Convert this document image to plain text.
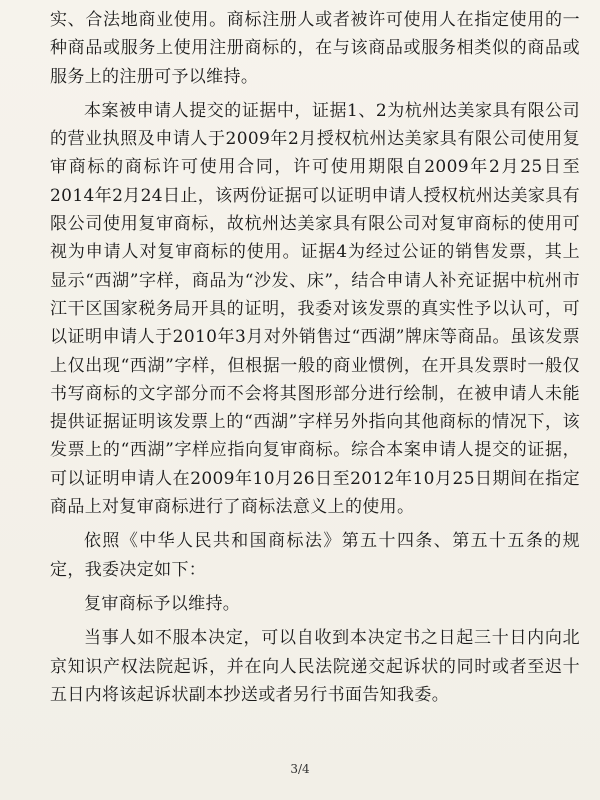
实、合法地商业使用。商标注册人或者被许可使用人在指定使用的一种商品或服务上使用注册商标的，在与该商品或服务相类似的商品或服务上的注册可予以维持。

本案被申请人提交的证据中，证据1、2为杭州达美家具有限公司的营业执照及申请人于2009年2月授权杭州达美家具有限公司使用复审商标的商标许可使用合同，许可使用期限自2009年2月25日至2014年2月24日止，该两份证据可以证明申请人授权杭州达美家具有限公司使用复审商标，故杭州达美家具有限公司对复审商标的使用可视为申请人对复审商标的使用。证据4为经过公证的销售发票，其上显示“西湖”字样，商品为“沙发、床”，结合申请人补充证据中杭州市江干区国家税务局开具的证明，我委对该发票的真实性予以认可，可以证明申请人于2010年3月对外销售过“西湖”牌床等商品。虽该发票上仅出现“西湖”字样，但根据一般的商业惯例，在开具发票时一般仅书写商标的文字部分而不会将其图形部分进行绘制，在被申请人未能提供证据证明该发票上的“西湖”字样另外指向其他商标的情况下，该发票上的“西湖”字样应指向复审商标。综合本案申请人提交的证据，可以证明申请人在2009年10月26日至2012年10月25日期间在指定商品上对复审商标进行了商标法意义上的使用。

依照《中华人民共和国商标法》第五十四条、第五十五条的规定，我委决定如下：

复审商标予以维持。

当事人如不服本决定，可以自收到本决定书之日起三十日内向北京知识产权法院起诉，并在向人民法院递交起诉状的同时或者至迟十五日内将该起诉状副本抄送或者另行书面告知我委。

3/4
